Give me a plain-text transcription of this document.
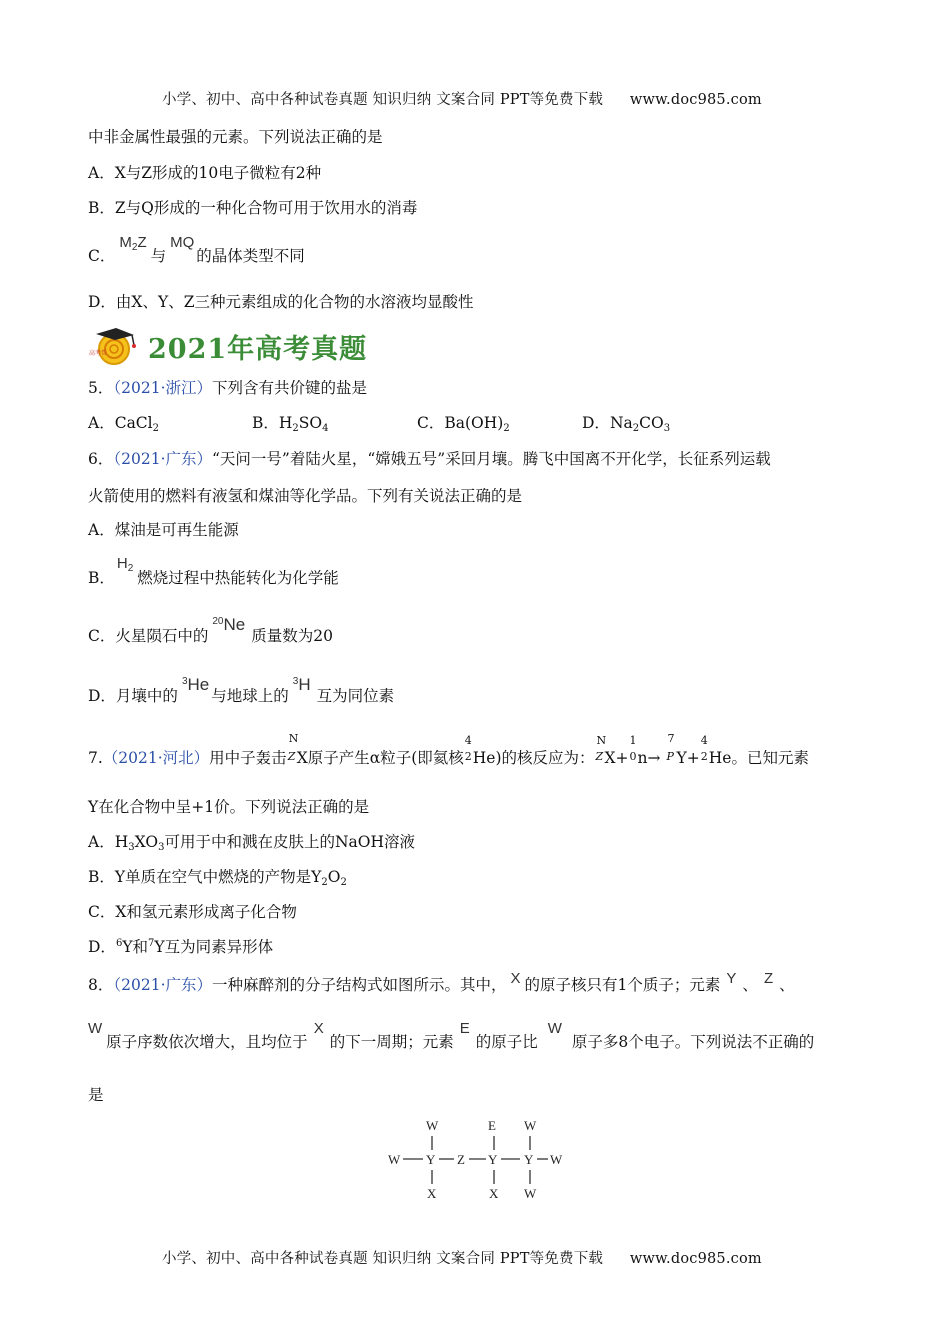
小学、初中、高中各种试卷真题 知识归纳 文案合同 PPT等免费下载 www.doc985.com
中非金属性最强的元素。下列说法正确的是
A．X与Z形成的10电子微粒有2种
B．Z与Q形成的一种化合物可用于饮用水的消毒
C．$M_2Z$与MQ的晶体类型不同
D．由X、Y、Z三种元素组成的化合物的水溶液均显酸性
高考帮 2021年高考真题
5．（2021·浙江）下列含有共价键的盐是
A．CaCl$_2$	B．$H_2SO_4$	C．$Ba(OH)_2$	D．$Na_2CO_3$
6．（2021·广东）“天问一号”着陆火星，“嫦娥五号”采回月壤。腾飞中国离不开化学，长征系列运载
火箭使用的燃料有液氢和煤油等化学品。下列有关说法正确的是
A．煤油是可再生能源
B．$H_2$燃烧过程中热能转化为化学能
C．火星陨石中的$^{20}$Ne质量数为20
D．月壤中的$^3$He与地球上的$^3$H互为同位素
7.（2021·河北）用中子轰击
N
Z X原子产生α粒子(即氦核
4
2 He)的核反应为：
N
Z X+
1
0 n→
7
P Y+
4
2 He。已知元素
Y在化合物中呈+1价。下列说法正确的是
A．$H_3XO_3$可用于中和溅在皮肤上的NaOH溶液
B．Y单质在空气中燃烧的产物是$Y_2O_2$
C．X和氢元素形成离子化合物
D．$^6$Y和$^7$Y互为同素异形体
8．（2021·广东）一种麻醉剂的分子结构式如图所示。其中， X 的原子核只有1个质子；元素 Y 、 Z 、
W原子序数依次增大，且均位于X的下一周期；元素E的原子比W原子多8个电子。下列说法不正确的
是
W	E W
W Y Z Y Y W
X	X W
小学、初中、高中各种试卷真题 知识归纳 文案合同 PPT等免费下载 www.doc985.com
